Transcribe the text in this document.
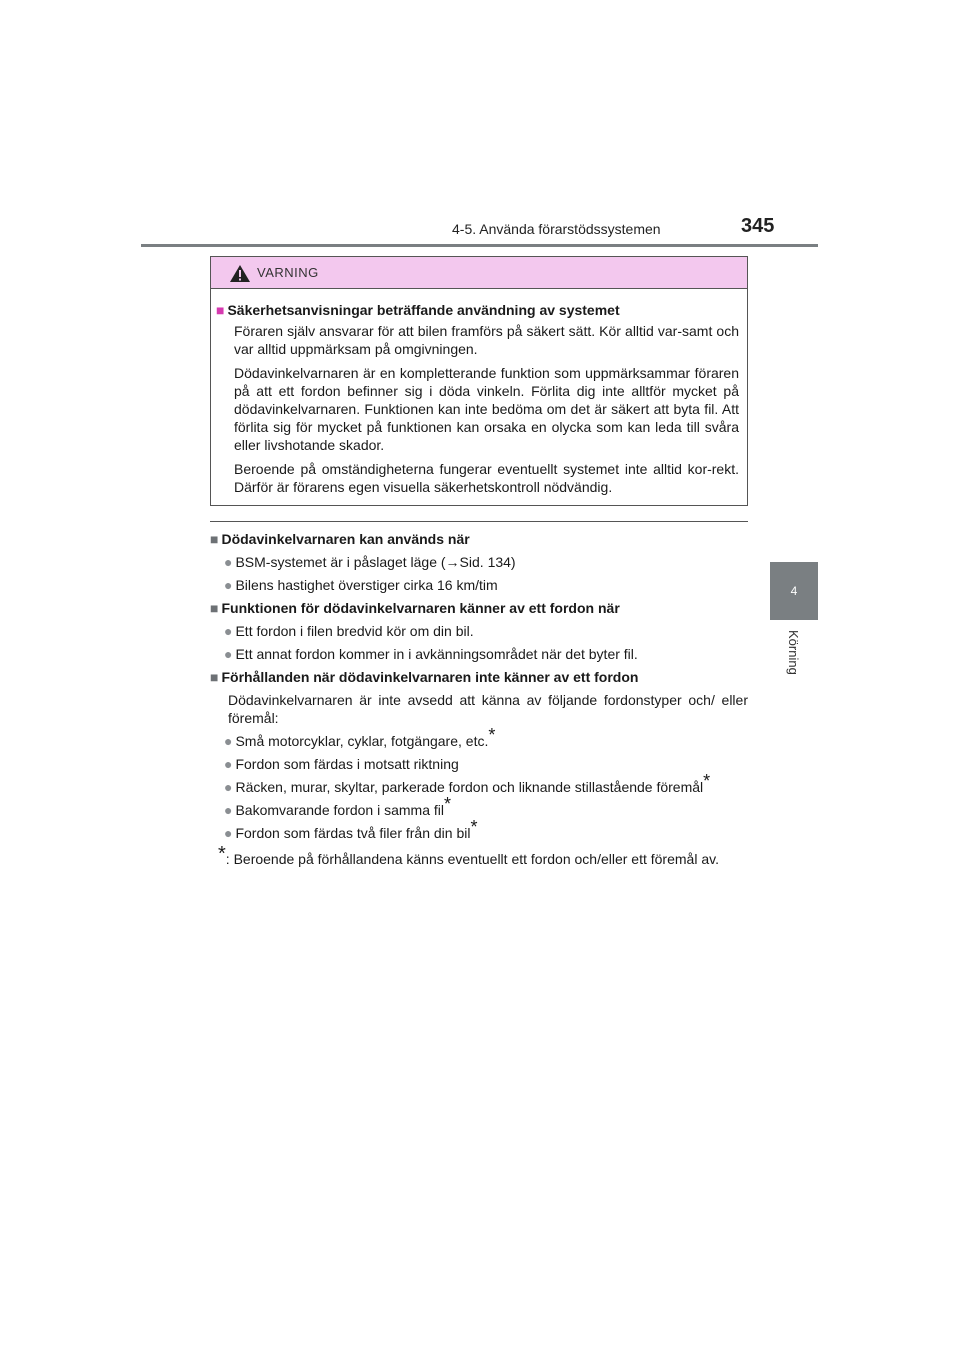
4-5. Använda förarstödssystemen	345
4
Körning
VARNING

■ Säkerhetsanvisningar beträffande användning av systemet

Föraren själv ansvarar för att bilen framförs på säkert sätt. Kör alltid var-samt och var alltid uppmärksam på omgivningen.

Dödavinkelvarnaren är en kompletterande funktion som uppmärksammar föraren på att ett fordon befinner sig i döda vinkeln. Förlita dig inte alltför mycket på dödavinkelvarnaren. Funktionen kan inte bedöma om det är säkert att byta fil. Att förlita sig för mycket på funktionen kan orsaka en olycka som kan leda till svåra eller livshotande skador.

Beroende på omständigheterna fungerar eventuellt systemet inte alltid kor-rekt. Därför är förarens egen visuella säkerhetskontroll nödvändig.

■ Dödavinkelvarnaren kan används när

● BSM-systemet är i påslaget läge (→Sid. 134)

● Bilens hastighet överstiger cirka 16 km/tim

■ Funktionen för dödavinkelvarnaren känner av ett fordon när

● Ett fordon i filen bredvid kör om din bil.

● Ett annat fordon kommer in i avkänningsområdet när det byter fil.

■ Förhållanden när dödavinkelvarnaren inte känner av ett fordon

Dödavinkelvarnaren är inte avsedd att känna av följande fordonstyper och/ eller föremål:

● Små motorcyklar, cyklar, fotgängare, etc.*

● Fordon som färdas i motsatt riktning

● Räcken, murar, skyltar, parkerade fordon och liknande stillastående föremål*

● Bakomvarande fordon i samma fil*

● Fordon som färdas två filer från din bil*

*: Beroende på förhållandena känns eventuellt ett fordon och/eller ett föremål av.
